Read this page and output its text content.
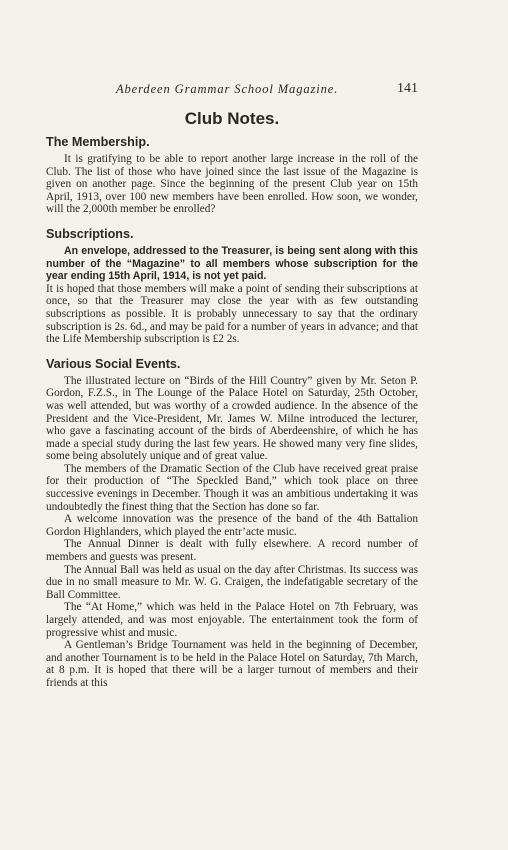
Aberdeen Grammar School Magazine.	141
Club Notes.
The Membership.

It is gratifying to be able to report another large increase in the roll of the Club. The list of those who have joined since the last issue of the Magazine is given on another page. Since the beginning of the present Club year on 15th April, 1913, over 100 new members have been enrolled. How soon, we wonder, will the 2,000th member be enrolled?

Subscriptions.

An envelope, addressed to the Treasurer, is being sent along with this number of the “Magazine” to all members whose subscription for the year ending 15th April, 1914, is not yet paid.

It is hoped that those members will make a point of sending their subscriptions at once, so that the Treasurer may close the year with as few outstanding subscriptions as possible. It is probably unnecessary to say that the ordinary subscription is 2s. 6d., and may be paid for a number of years in advance; and that the Life Membership subscription is £2 2s.

Various Social Events.

The illustrated lecture on “Birds of the Hill Country” given by Mr. Seton P. Gordon, F.Z.S., in The Lounge of the Palace Hotel on Saturday, 25th October, was well attended, but was worthy of a crowded audience. In the absence of the President and the Vice-President, Mr. James W. Milne introduced the lecturer, who gave a fascinating account of the birds of Aberdeenshire, of which he has made a special study during the last few years. He showed many very fine slides, some being absolutely unique and of great value.

The members of the Dramatic Section of the Club have received great praise for their production of “The Speckled Band,” which took place on three successive evenings in December. Though it was an ambitious undertaking it was undoubtedly the finest thing that the Section has done so far.

A welcome innovation was the presence of the band of the 4th Battalion Gordon Highlanders, which played the entr’acte music.

The Annual Dinner is dealt with fully elsewhere. A record number of members and guests was present.

The Annual Ball was held as usual on the day after Christmas. Its success was due in no small measure to Mr. W. G. Craigen, the indefatigable secretary of the Ball Committee.

The “At Home,” which was held in the Palace Hotel on 7th February, was largely attended, and was most enjoyable. The entertainment took the form of progressive whist and music.

A Gentleman’s Bridge Tournament was held in the beginning of December, and another Tournament is to be held in the Palace Hotel on Saturday, 7th March, at 8 p.m. It is hoped that there will be a larger turnout of members and their friends at this
